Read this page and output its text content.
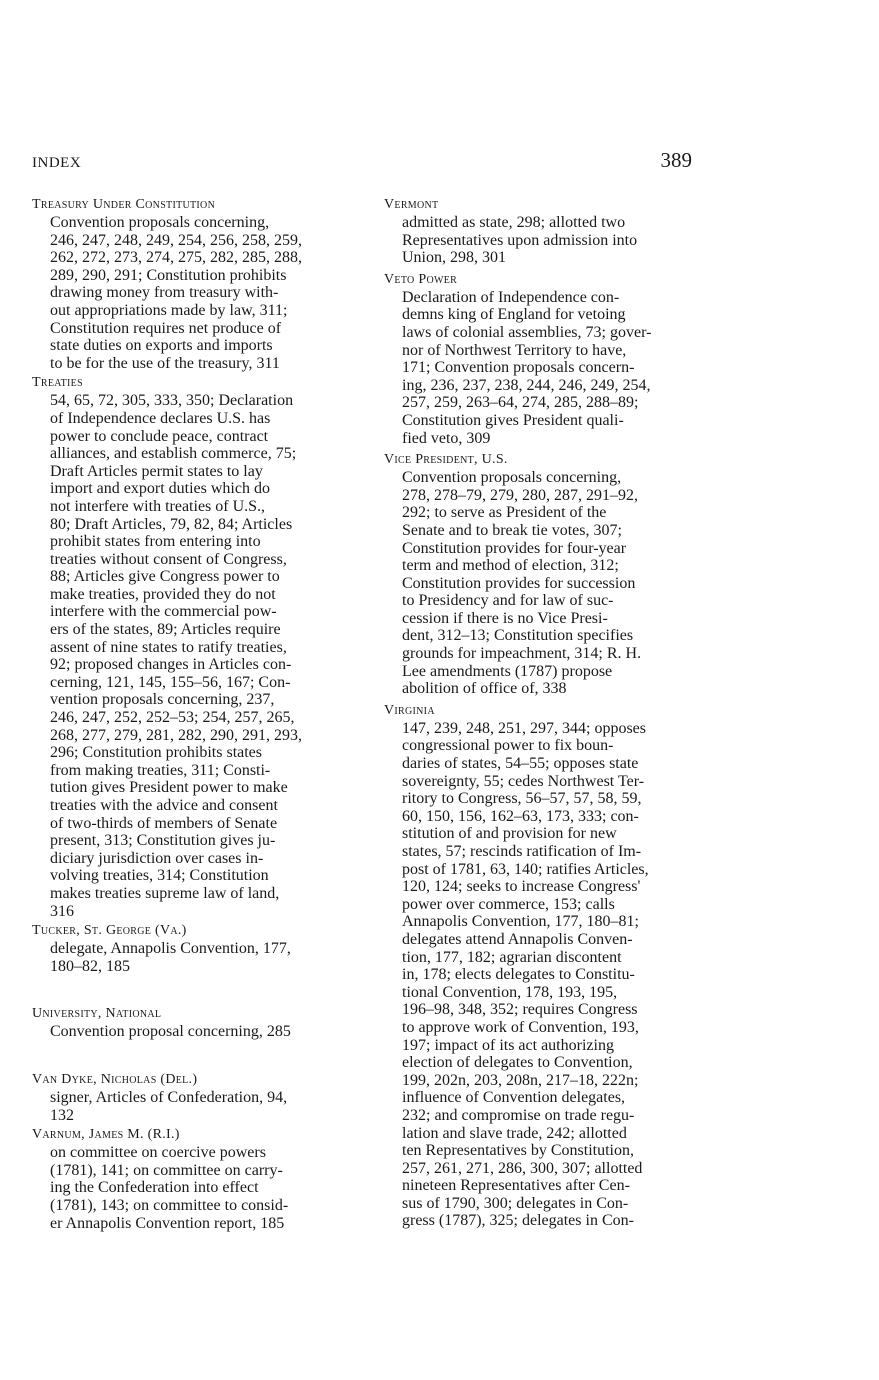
INDEX	389
Treasury Under Constitution
Convention proposals concerning,
246, 247, 248, 249, 254, 256, 258, 259,
262, 272, 273, 274, 275, 282, 285, 288,
289, 290, 291; Constitution prohibits
drawing money from treasury with-
out appropriations made by law, 311;
Constitution requires net produce of
state duties on exports and imports
to be for the use of the treasury, 311
Treaties
54, 65, 72, 305, 333, 350; Declaration
of Independence declares U.S. has
power to conclude peace, contract
alliances, and establish commerce, 75;
Draft Articles permit states to lay
import and export duties which do
not interfere with treaties of U.S.,
80; Draft Articles, 79, 82, 84; Articles
prohibit states from entering into
treaties without consent of Congress,
88; Articles give Congress power to
make treaties, provided they do not
interfere with the commercial pow-
ers of the states, 89; Articles require
assent of nine states to ratify treaties,
92; proposed changes in Articles con-
cerning, 121, 145, 155–56, 167; Con-
vention proposals concerning, 237,
246, 247, 252, 252–53; 254, 257, 265,
268, 277, 279, 281, 282, 290, 291, 293,
296; Constitution prohibits states
from making treaties, 311; Consti-
tution gives President power to make
treaties with the advice and consent
of two-thirds of members of Senate
present, 313; Constitution gives ju-
diciary jurisdiction over cases in-
volving treaties, 314; Constitution
makes treaties supreme law of land,
316
Tucker, St. George (Va.)
delegate, Annapolis Convention, 177,
180–82, 185
University, National
Convention proposal concerning, 285
Van Dyke, Nicholas (Del.)
signer, Articles of Confederation, 94,
132
Varnum, James M. (R.I.)
on committee on coercive powers
(1781), 141; on committee on carry-
ing the Confederation into effect
(1781), 143; on committee to consid-
er Annapolis Convention report, 185
Vermont
admitted as state, 298; allotted two
Representatives upon admission into
Union, 298, 301
Veto Power
Declaration of Independence con-
demns king of England for vetoing
laws of colonial assemblies, 73; gover-
nor of Northwest Territory to have,
171; Convention proposals concern-
ing, 236, 237, 238, 244, 246, 249, 254,
257, 259, 263–64, 274, 285, 288–89;
Constitution gives President quali-
fied veto, 309
Vice President, U.S.
Convention proposals concerning,
278, 278–79, 279, 280, 287, 291–92,
292; to serve as President of the
Senate and to break tie votes, 307;
Constitution provides for four-year
term and method of election, 312;
Constitution provides for succession
to Presidency and for law of suc-
cession if there is no Vice Presi-
dent, 312–13; Constitution specifies
grounds for impeachment, 314; R. H.
Lee amendments (1787) propose
abolition of office of, 338
Virginia
147, 239, 248, 251, 297, 344; opposes
congressional power to fix boun-
daries of states, 54–55; opposes state
sovereignty, 55; cedes Northwest Ter-
ritory to Congress, 56–57, 57, 58, 59,
60, 150, 156, 162–63, 173, 333; con-
stitution of and provision for new
states, 57; rescinds ratification of Im-
post of 1781, 63, 140; ratifies Articles,
120, 124; seeks to increase Congress'
power over commerce, 153; calls
Annapolis Convention, 177, 180–81;
delegates attend Annapolis Conven-
tion, 177, 182; agrarian discontent
in, 178; elects delegates to Constitu-
tional Convention, 178, 193, 195,
196–98, 348, 352; requires Congress
to approve work of Convention, 193,
197; impact of its act authorizing
election of delegates to Convention,
199, 202n, 203, 208n, 217–18, 222n;
influence of Convention delegates,
232; and compromise on trade regu-
lation and slave trade, 242; allotted
ten Representatives by Constitution,
257, 261, 271, 286, 300, 307; allotted
nineteen Representatives after Cen-
sus of 1790, 300; delegates in Con-
gress (1787), 325; delegates in Con-
